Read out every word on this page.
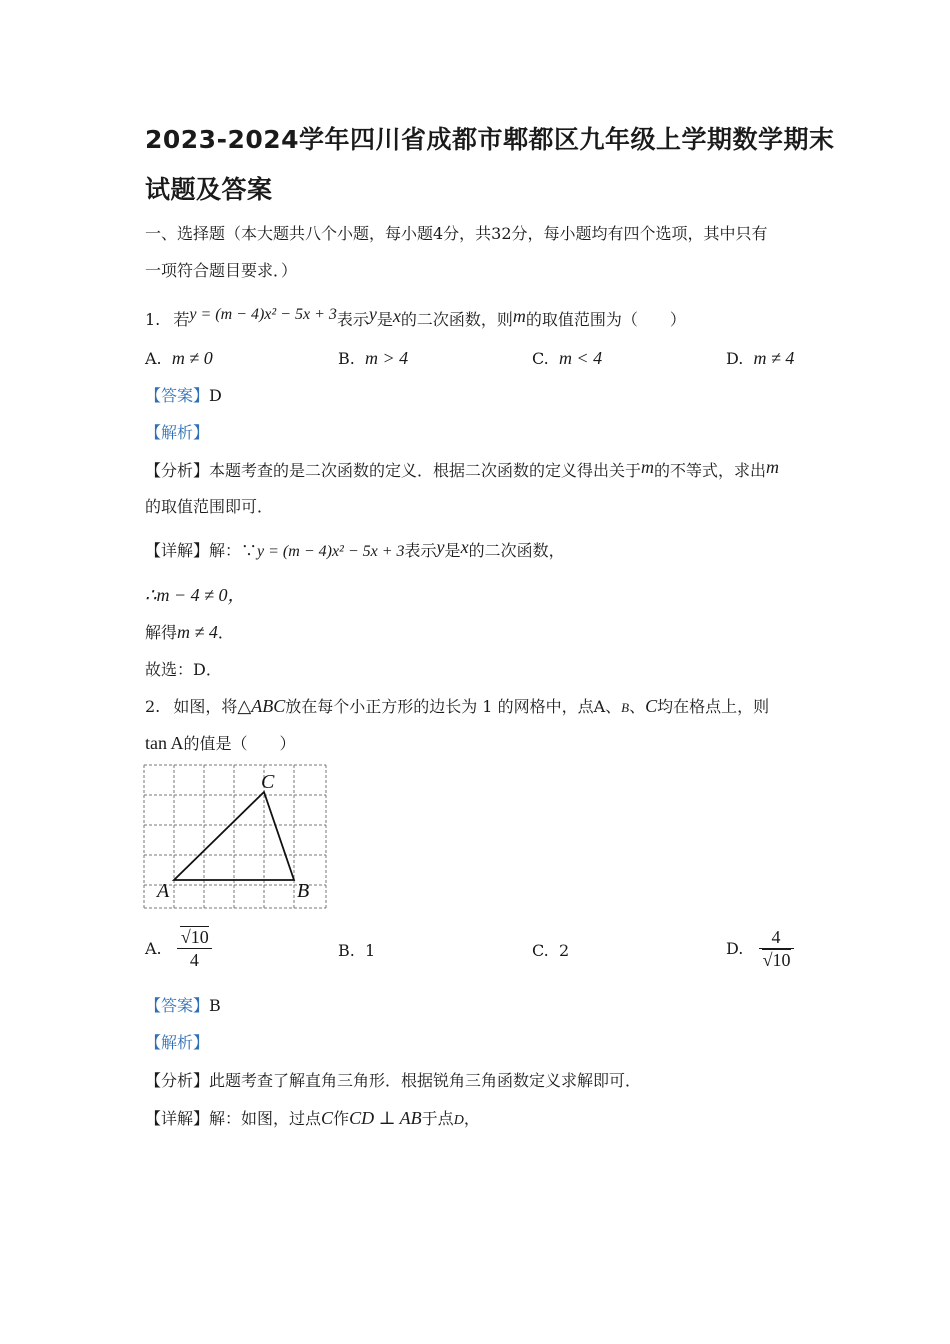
2023-2024学年四川省成都市郫都区九年级上学期数学期末
试题及答案
一、选择题（本大题共八个小题，每小题4分，共32分，每小题均有四个选项，其中只有
一项符合题目要求．）
1. 若y = (m − 4)x² − 5x + 3表示y是x的二次函数，则m的取值范围为（　　）
A. m ≠ 0	B. m > 4	C. m < 4	D. m ≠ 4
【答案】D
【解析】
【分析】本题考查的是二次函数的定义．根据二次函数的定义得出关于m的不等式，求出m
的取值范围即可．
【详解】解：∵y = (m − 4)x² − 5x + 3表示y是x的二次函数，
∴m − 4 ≠ 0，
解得m ≠ 4．
故选：D．
2. 如图，将△ABC放在每个小正方形的边长为 1 的网格中，点A、B、C均在格点上，则
tan A的值是（　　）
A	B
C
A. $\frac{√10}{4}$	B. 1	C. 2	D. $\frac{4}{√10}$
【答案】B
【解析】
【分析】此题考查了解直角三角形．根据锐角三角函数定义求解即可．
【详解】解：如图，过点C作CD ⊥ AB于点D，
